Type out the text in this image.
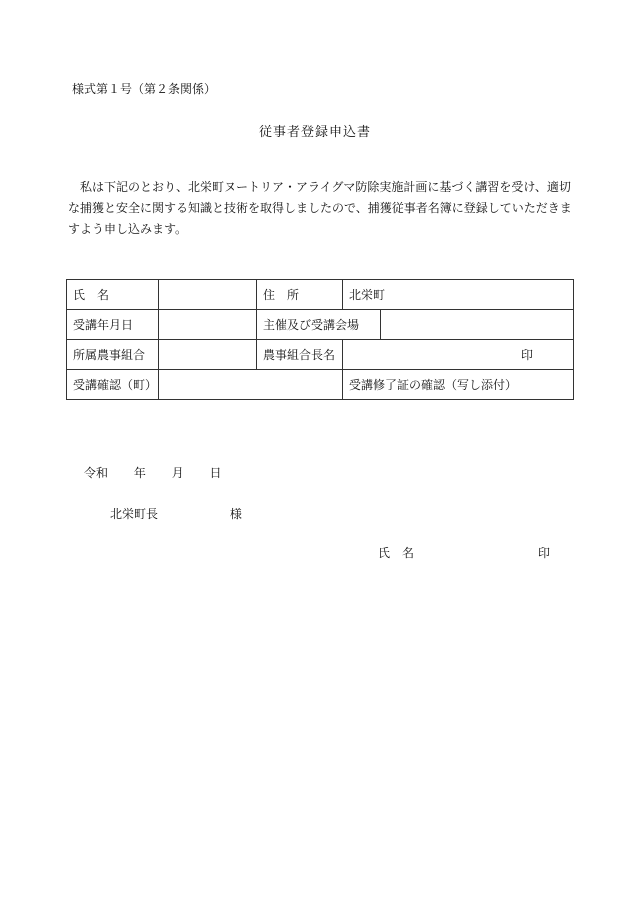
様式第１号（第２条関係）
従事者登録申込書

私は下記のとおり、北栄町ヌートリア・アライグマ防除実施計画に基づく講習を受け、適切な捕獲と安全に関する知識と技術を取得しましたので、捕獲従事者名簿に登録していただきますよう申し込みます。

氏　名		住　所	北栄町	
受講年月日		主催及び受講会場		
所属農事組合		農事組合長名	印	
受講確認（町）			受講修了証の確認（写し添付）	
令和 年 月 日
北栄町長	様
氏　名	印
